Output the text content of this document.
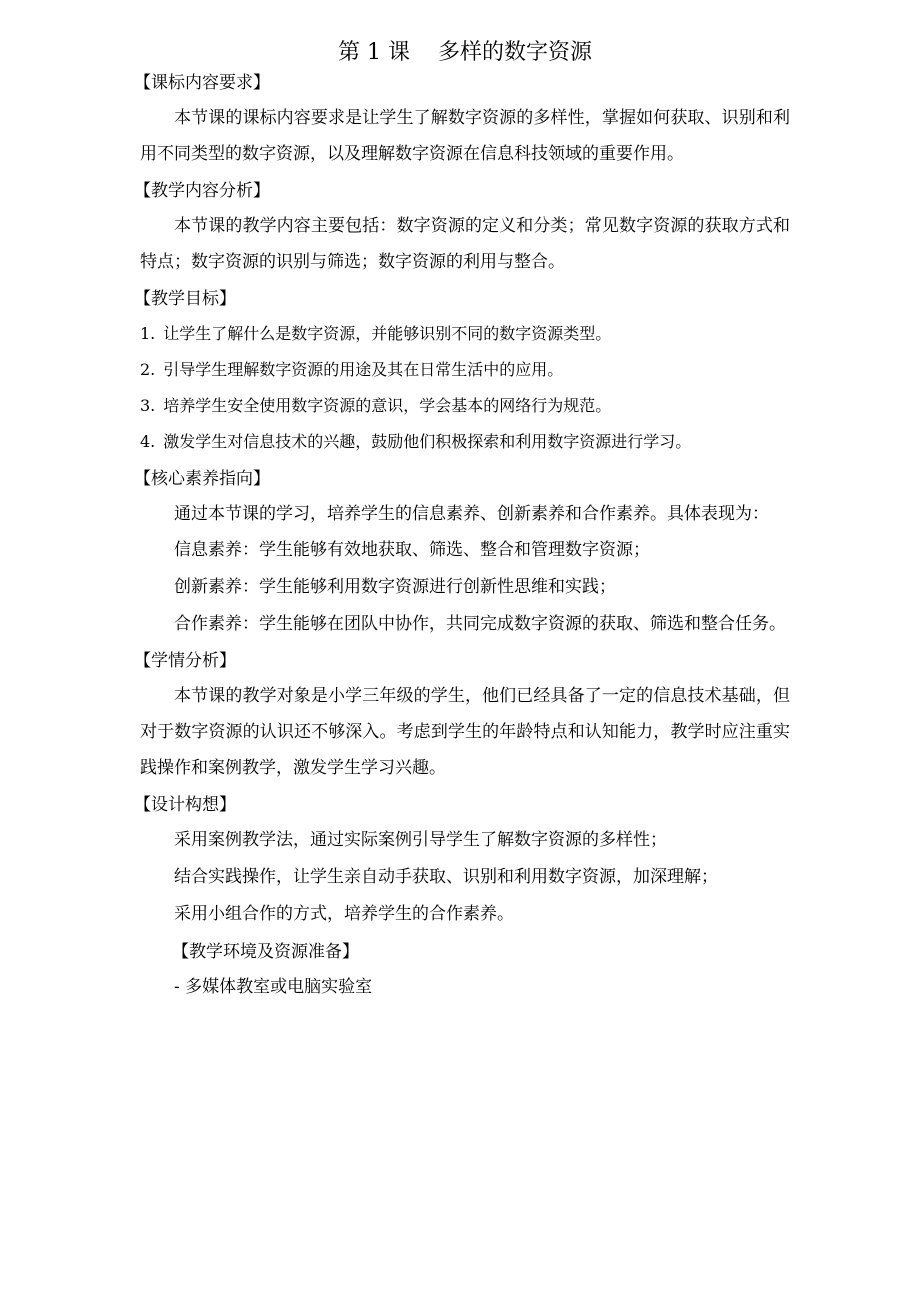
第 1 课    多样的数字资源
【课标内容要求】

本节课的课标内容要求是让学生了解数字资源的多样性，掌握如何获取、识别和利用不同类型的数字资源，以及理解数字资源在信息科技领域的重要作用。

【教学内容分析】

本节课的教学内容主要包括：数字资源的定义和分类；常见数字资源的获取方式和特点；数字资源的识别与筛选；数字资源的利用与整合。

【教学目标】

1. 让学生了解什么是数字资源，并能够识别不同的数字资源类型。

2. 引导学生理解数字资源的用途及其在日常生活中的应用。

3. 培养学生安全使用数字资源的意识，学会基本的网络行为规范。

4. 激发学生对信息技术的兴趣，鼓励他们积极探索和利用数字资源进行学习。

【核心素养指向】

通过本节课的学习，培养学生的信息素养、创新素养和合作素养。具体表现为：

信息素养：学生能够有效地获取、筛选、整合和管理数字资源；

创新素养：学生能够利用数字资源进行创新性思维和实践；

合作素养：学生能够在团队中协作，共同完成数字资源的获取、筛选和整合任务。

【学情分析】

本节课的教学对象是小学三年级的学生，他们已经具备了一定的信息技术基础，但对于数字资源的认识还不够深入。考虑到学生的年龄特点和认知能力，教学时应注重实践操作和案例教学，激发学生学习兴趣。

【设计构想】

采用案例教学法，通过实际案例引导学生了解数字资源的多样性；

结合实践操作，让学生亲自动手获取、识别和利用数字资源，加深理解；

采用小组合作的方式，培养学生的合作素养。

【教学环境及资源准备】

- 多媒体教室或电脑实验室
